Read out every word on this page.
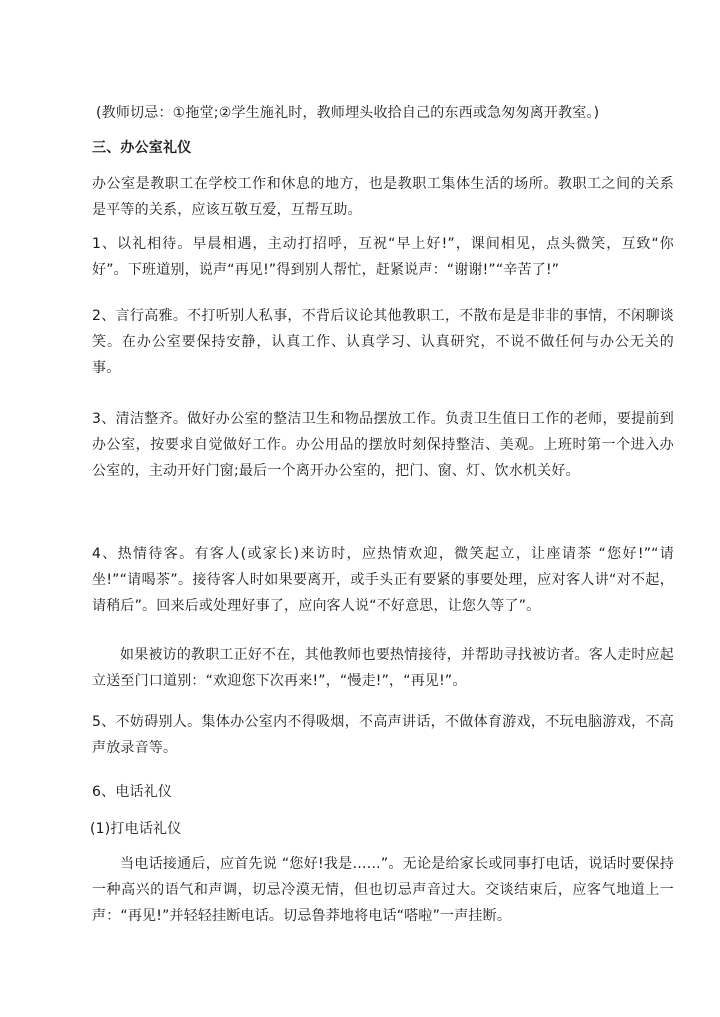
(教师切忌：①拖堂;②学生施礼时，教师埋头收拾自己的东西或急匆匆离开教室。)

三、办公室礼仪

办公室是教职工在学校工作和休息的地方，也是教职工集体生活的场所。教职工之间的关系是平等的关系，应该互敬互爱，互帮互助。

1、以礼相待。早晨相遇，主动打招呼，互祝“早上好!”，课间相见，点头微笑，互致“你好”。下班道别，说声“再见!”得到别人帮忙，赶紧说声：“谢谢!”“辛苦了!”

2、言行高雅。不打听别人私事，不背后议论其他教职工，不散布是是非非的事情，不闲聊谈笑。在办公室要保持安静，认真工作、认真学习、认真研究，不说不做任何与办公无关的事。

3、清洁整齐。做好办公室的整洁卫生和物品摆放工作。负责卫生值日工作的老师，要提前到办公室，按要求自觉做好工作。办公用品的摆放时刻保持整洁、美观。上班时第一个进入办公室的，主动开好门窗;最后一个离开办公室的，把门、窗、灯、饮水机关好。

4、热情待客。有客人(或家长)来访时，应热情欢迎，微笑起立，让座请茶 “您好!”“请坐!”“请喝茶”。接待客人时如果要离开，或手头正有要紧的事要处理，应对客人讲“对不起，请稍后”。回来后或处理好事了，应向客人说“不好意思，让您久等了”。

如果被访的教职工正好不在，其他教师也要热情接待，并帮助寻找被访者。客人走时应起立送至门口道别：“欢迎您下次再来!”，“慢走!”，“再见!”。

5、不妨碍别人。集体办公室内不得吸烟，不高声讲话，不做体育游戏，不玩电脑游戏，不高声放录音等。

6、电话礼仪

(1)打电话礼仪

当电话接通后，应首先说 “您好!我是……”。无论是给家长或同事打电话，说话时要保持一种高兴的语气和声调，切忌冷漠无情，但也切忌声音过大。交谈结束后，应客气地道上一声：“再见!”并轻轻挂断电话。切忌鲁莽地将电话“嗒啦”一声挂断。
